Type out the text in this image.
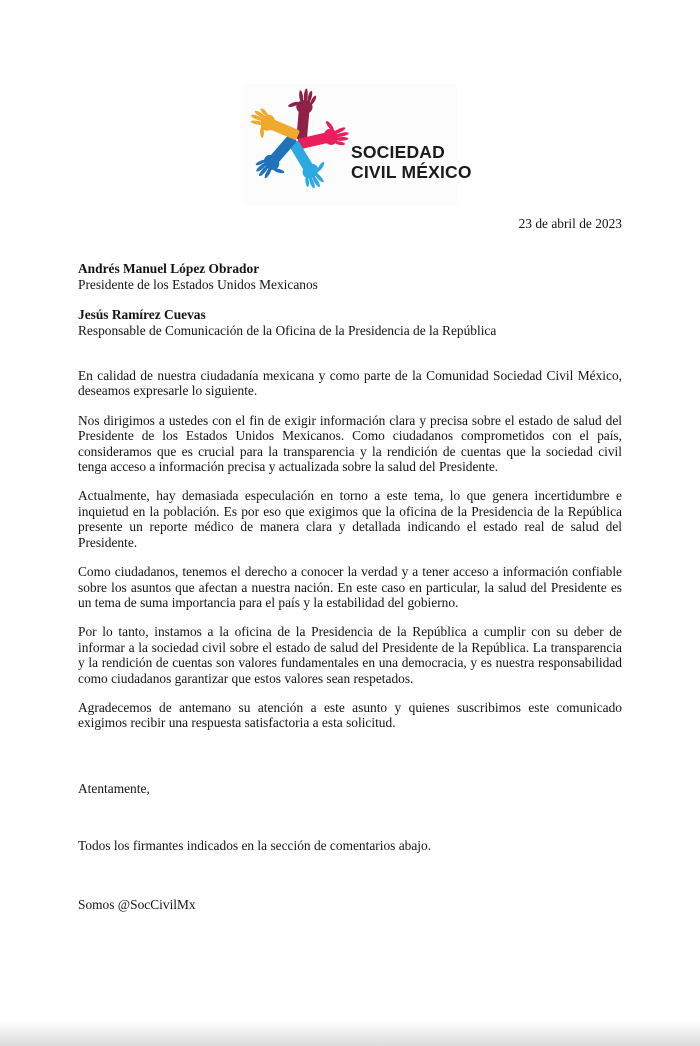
SOCIEDAD
CIVIL MÉXICO
23 de abril de 2023
Andrés Manuel López Obrador
Presidente de los Estados Unidos Mexicanos
Jesús Ramírez Cuevas
Responsable de Comunicación de la Oficina de la Presidencia de la República

En calidad de nuestra ciudadanía mexicana y como parte de la Comunidad Sociedad Civil México, deseamos expresarle lo siguiente.

Nos dirigimos a ustedes con el fin de exigir información clara y precisa sobre el estado de salud del Presidente de los Estados Unidos Mexicanos. Como ciudadanos comprometidos con el país, consideramos que es crucial para la transparencia y la rendición de cuentas que la sociedad civil tenga acceso a información precisa y actualizada sobre la salud del Presidente.

Actualmente, hay demasiada especulación en torno a este tema, lo que genera incertidumbre e inquietud en la población. Es por eso que exigimos que la oficina de la Presidencia de la República presente un reporte médico de manera clara y detallada indicando el estado real de salud del Presidente.

Como ciudadanos, tenemos el derecho a conocer la verdad y a tener acceso a información confiable sobre los asuntos que afectan a nuestra nación. En este caso en particular, la salud del Presidente es un tema de suma importancia para el país y la estabilidad del gobierno.

Por lo tanto, instamos a la oficina de la Presidencia de la República a cumplir con su deber de informar a la sociedad civil sobre el estado de salud del Presidente de la República. La transparencia y la rendición de cuentas son valores fundamentales en una democracia, y es nuestra responsabilidad como ciudadanos garantizar que estos valores sean respetados.

Agradecemos de antemano su atención a este asunto y quienes suscribimos este comunicado exigimos recibir una respuesta satisfactoria a esta solicitud.

Atentamente,
Todos los firmantes indicados en la sección de comentarios abajo.
Somos @SocCivilMx
